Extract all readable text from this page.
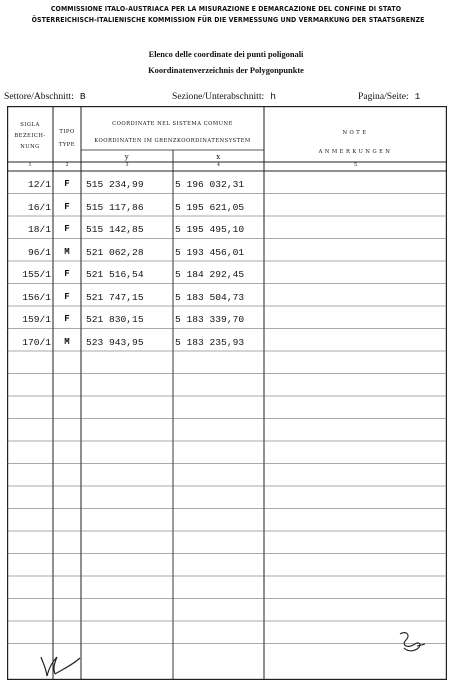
COMMISSIONE ITALO-AUSTRIACA PER LA MISURAZIONE E DEMARCAZIONE DEL CONFINE DI STATO
ÖSTERREICHISCH-ITALIENISCHE KOMMISSION FÜR DIE VERMESSUNG UND VERMARKUNG DER STAATSGRENZE
Elenco delle coordinate dei punti poligonali
Koordinatenverzeichnis der Polygonpunkte
Settore/Abschnitt: B	Sezione/Unterabschnitt: h	Pagina/Seite: 1
SIGLA
BEZEICH-
NUNG
TIPO
TYPE
COORDINATE NEL SISTEMA COMUNE
KOORDINATEN IM GRENZKOORDINATENSYSTEM
y	x
NOTE
ANMERKUNGEN
1	2	3	4	5
12/1	F	515 234,99	5 196 032,31
16/1	F	515 117,86	5 195 621,05
18/1	F	515 142,85	5 195 495,10
96/1	M	521 062,28	5 193 456,01
155/1	F	521 516,54	5 184 292,45
156/1	F	521 747,15	5 183 504,73
159/1	F	521 830,15	5 183 339,70
170/1	M	523 943,95	5 183 235,93
